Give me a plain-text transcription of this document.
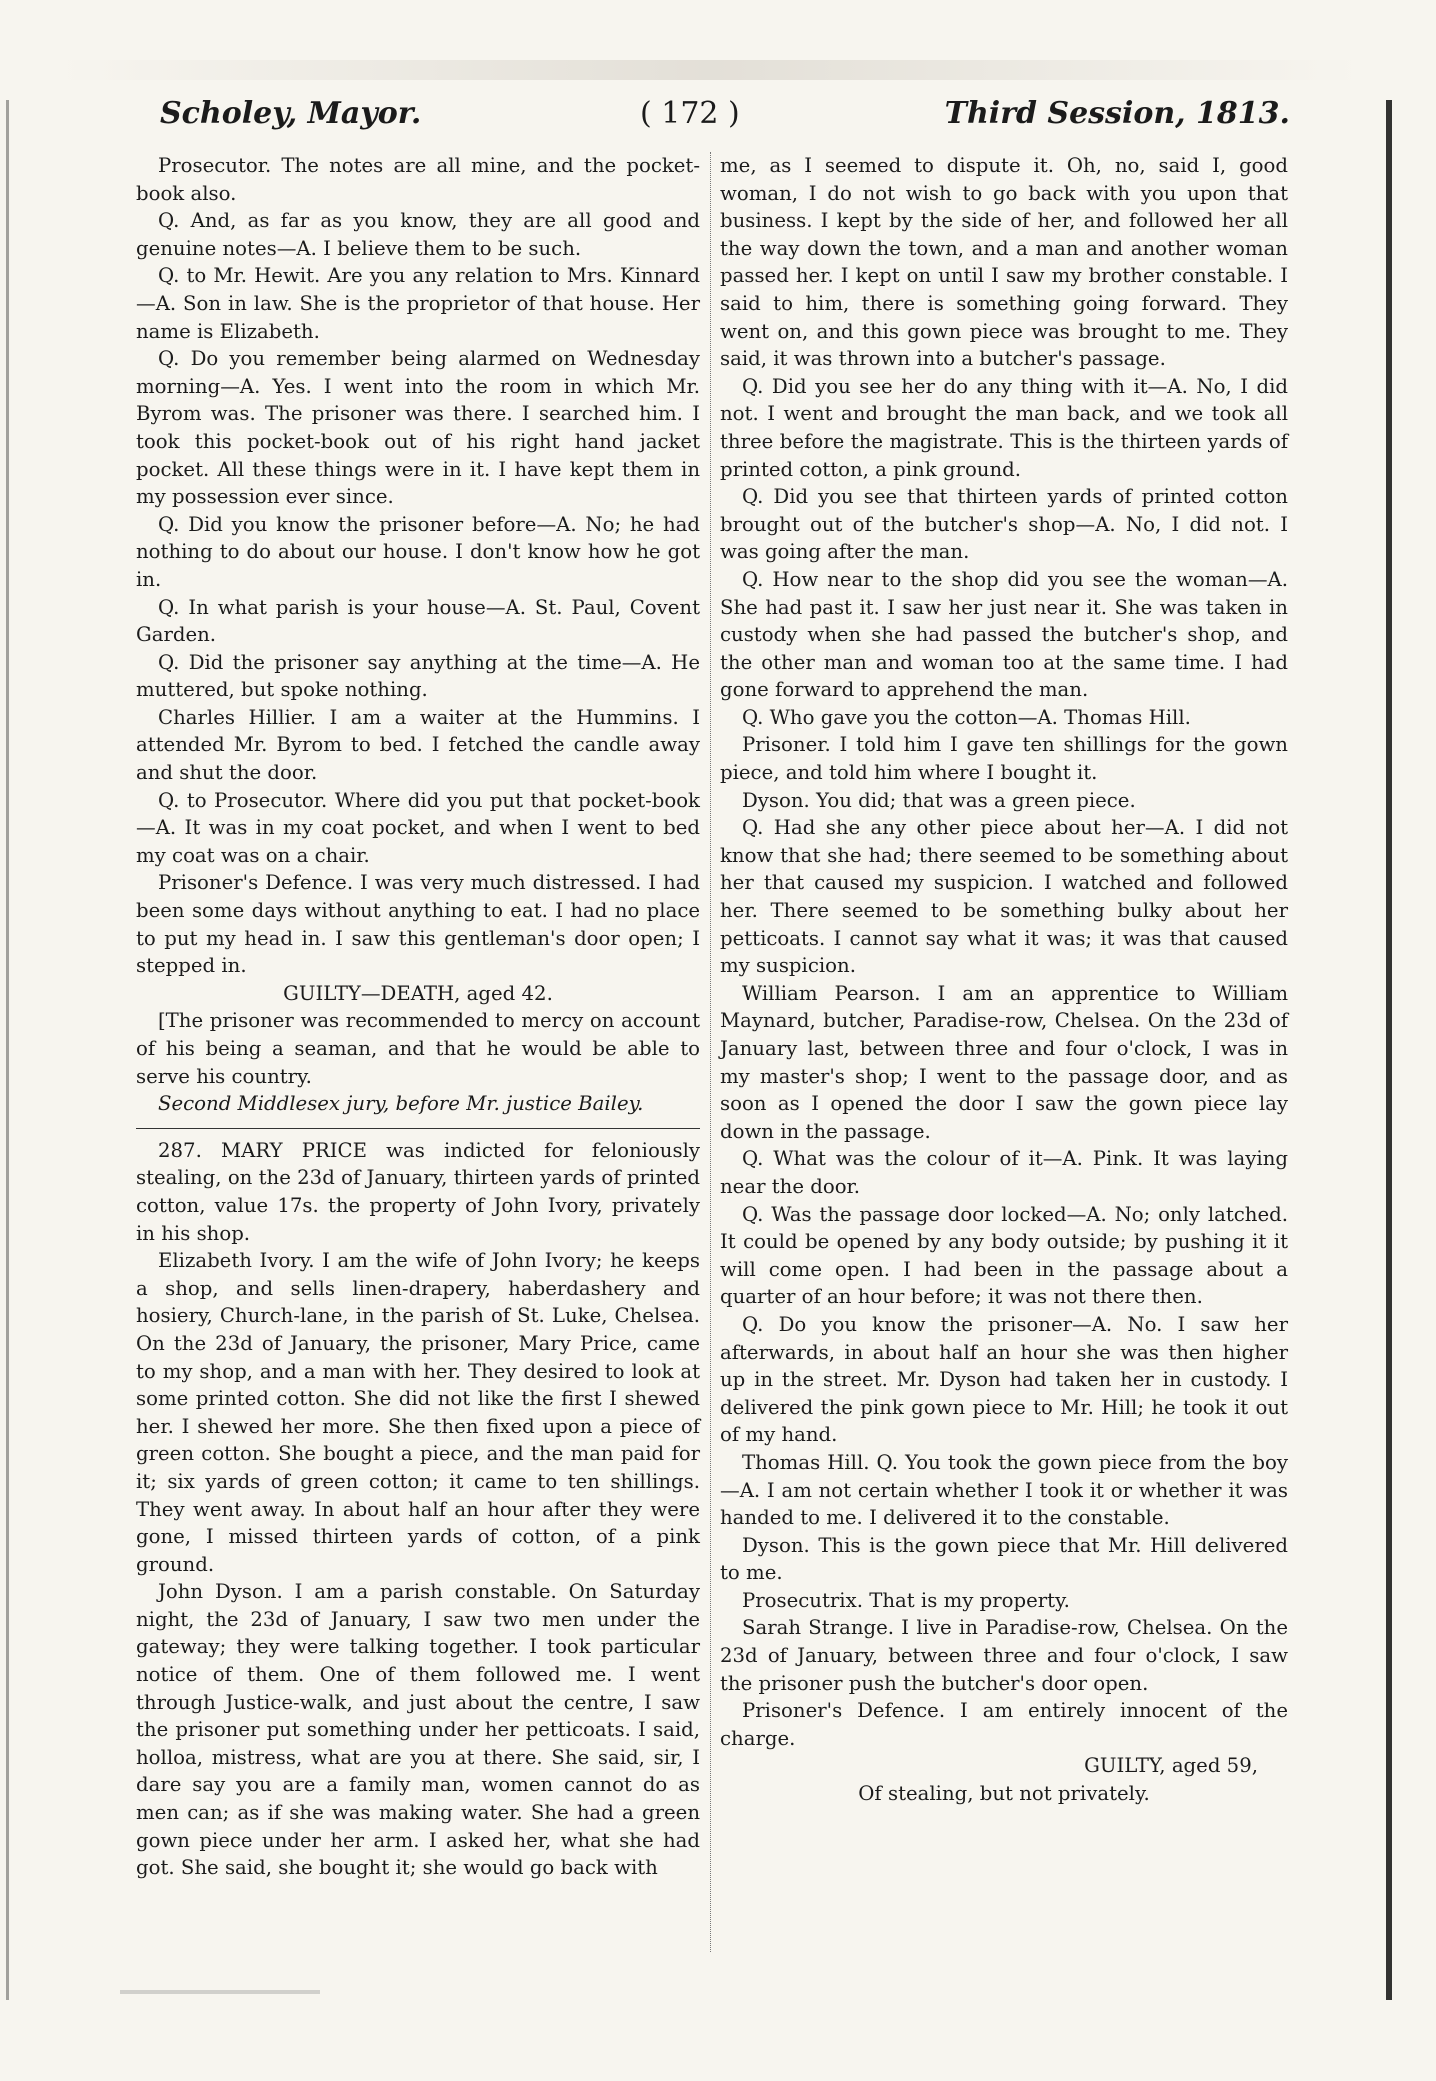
Scholey, Mayor.	( 172 )	Third Session, 1813.

Prosecutor. The notes are all mine, and the pocket-book also.

Q. And, as far as you know, they are all good and genuine notes—A. I believe them to be such.

Q. to Mr. Hewit. Are you any relation to Mrs. Kinnard—A. Son in law. She is the proprietor of that house. Her name is Elizabeth.

Q. Do you remember being alarmed on Wednesday morning—A. Yes. I went into the room in which Mr. Byrom was. The prisoner was there. I searched him. I took this pocket-book out of his right hand jacket pocket. All these things were in it. I have kept them in my possession ever since.

Q. Did you know the prisoner before—A. No; he had nothing to do about our house. I don't know how he got in.

Q. In what parish is your house—A. St. Paul, Covent Garden.

Q. Did the prisoner say anything at the time—A. He muttered, but spoke nothing.

Charles Hillier. I am a waiter at the Hummins. I attended Mr. Byrom to bed. I fetched the candle away and shut the door.

Q. to Prosecutor. Where did you put that pocket-book—A. It was in my coat pocket, and when I went to bed my coat was on a chair.

Prisoner's Defence. I was very much distressed. I had been some days without anything to eat. I had no place to put my head in. I saw this gentleman's door open; I stepped in.

GUILTY—DEATH, aged 42.

[The prisoner was recommended to mercy on account of his being a seaman, and that he would be able to serve his country.

Second Middlesex jury, before Mr. justice Bailey.

287. MARY PRICE was indicted for feloniously stealing, on the 23d of January, thirteen yards of printed cotton, value 17s. the property of John Ivory, privately in his shop.

Elizabeth Ivory. I am the wife of John Ivory; he keeps a shop, and sells linen-drapery, haberdashery and hosiery, Church-lane, in the parish of St. Luke, Chelsea. On the 23d of January, the prisoner, Mary Price, came to my shop, and a man with her. They desired to look at some printed cotton. She did not like the first I shewed her. I shewed her more. She then fixed upon a piece of green cotton. She bought a piece, and the man paid for it; six yards of green cotton; it came to ten shillings. They went away. In about half an hour after they were gone, I missed thirteen yards of cotton, of a pink ground.

John Dyson. I am a parish constable. On Saturday night, the 23d of January, I saw two men under the gateway; they were talking together. I took particular notice of them. One of them followed me. I went through Justice-walk, and just about the centre, I saw the prisoner put something under her petticoats. I said, holloa, mistress, what are you at there. She said, sir, I dare say you are a family man, women cannot do as men can; as if she was making water. She had a green gown piece under her arm. I asked her, what she had got. She said, she bought it; she would go back with

me, as I seemed to dispute it. Oh, no, said I, good woman, I do not wish to go back with you upon that business. I kept by the side of her, and followed her all the way down the town, and a man and another woman passed her. I kept on until I saw my brother constable. I said to him, there is something going forward. They went on, and this gown piece was brought to me. They said, it was thrown into a butcher's passage.

Q. Did you see her do any thing with it—A. No, I did not. I went and brought the man back, and we took all three before the magistrate. This is the thirteen yards of printed cotton, a pink ground.

Q. Did you see that thirteen yards of printed cotton brought out of the butcher's shop—A. No, I did not. I was going after the man.

Q. How near to the shop did you see the woman—A. She had past it. I saw her just near it. She was taken in custody when she had passed the butcher's shop, and the other man and woman too at the same time. I had gone forward to apprehend the man.

Q. Who gave you the cotton—A. Thomas Hill.

Prisoner. I told him I gave ten shillings for the gown piece, and told him where I bought it.

Dyson. You did; that was a green piece.

Q. Had she any other piece about her—A. I did not know that she had; there seemed to be something about her that caused my suspicion. I watched and followed her. There seemed to be something bulky about her petticoats. I cannot say what it was; it was that caused my suspicion.

William Pearson. I am an apprentice to William Maynard, butcher, Paradise-row, Chelsea. On the 23d of January last, between three and four o'clock, I was in my master's shop; I went to the passage door, and as soon as I opened the door I saw the gown piece lay down in the passage.

Q. What was the colour of it—A. Pink. It was laying near the door.

Q. Was the passage door locked—A. No; only latched. It could be opened by any body outside; by pushing it it will come open. I had been in the passage about a quarter of an hour before; it was not there then.

Q. Do you know the prisoner—A. No. I saw her afterwards, in about half an hour she was then higher up in the street. Mr. Dyson had taken her in custody. I delivered the pink gown piece to Mr. Hill; he took it out of my hand.

Thomas Hill. Q. You took the gown piece from the boy—A. I am not certain whether I took it or whether it was handed to me. I delivered it to the constable.

Dyson. This is the gown piece that Mr. Hill delivered to me.

Prosecutrix. That is my property.

Sarah Strange. I live in Paradise-row, Chelsea. On the 23d of January, between three and four o'clock, I saw the prisoner push the butcher's door open.

Prisoner's Defence. I am entirely innocent of the charge.

GUILTY, aged 59,

Of stealing, but not privately.
